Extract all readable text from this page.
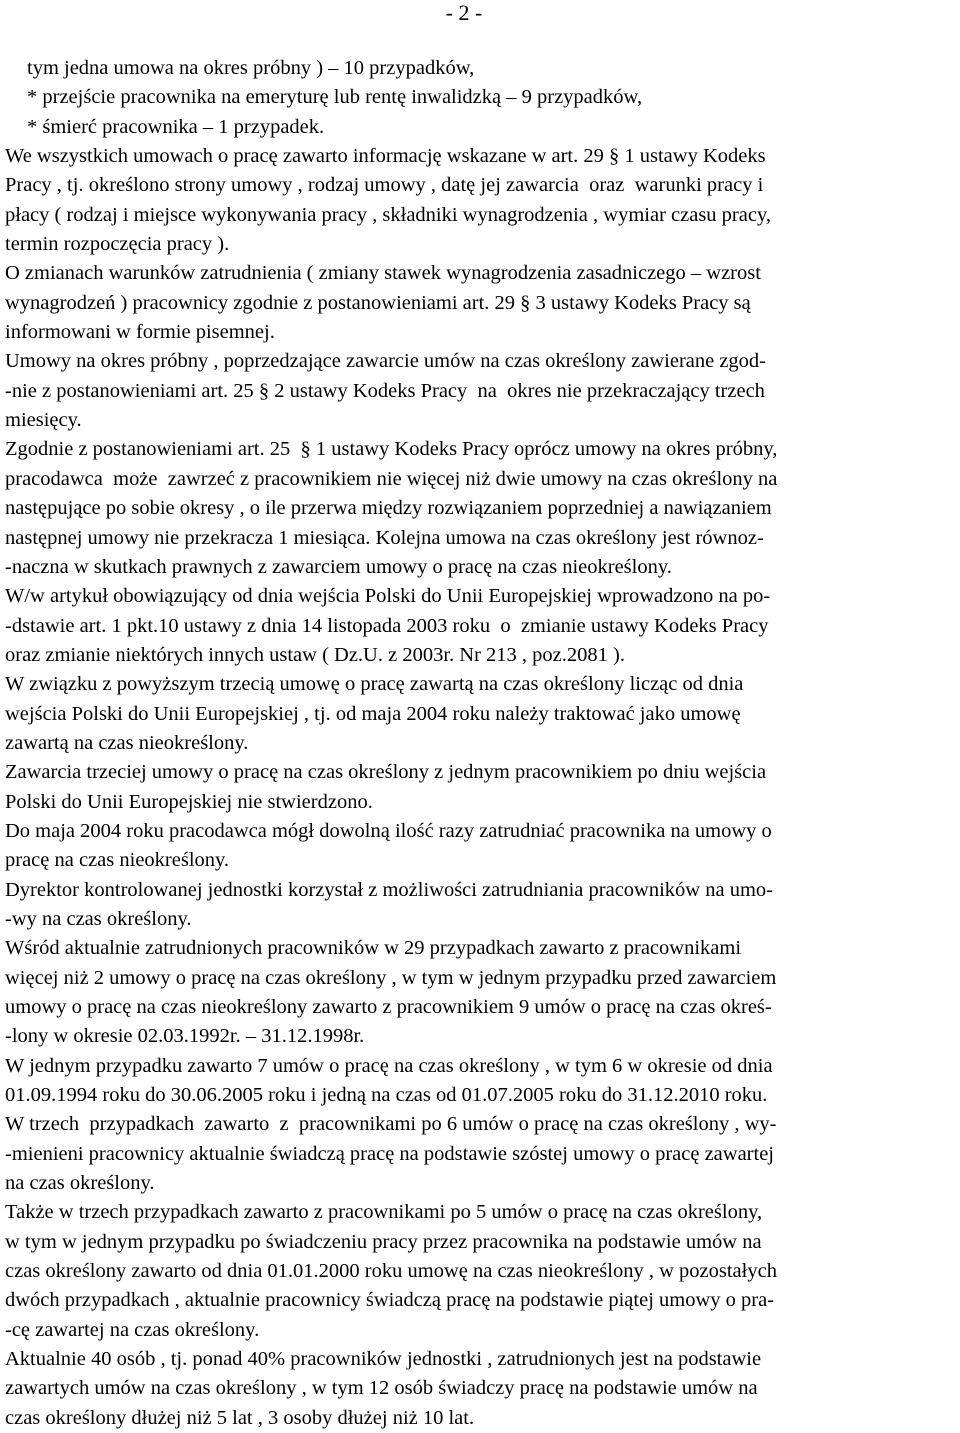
- 2 -
tym jedna umowa na okres próbny ) – 10 przypadków,
* przejście pracownika na emeryturę lub rentę inwalidzką – 9 przypadków,
* śmierć pracownika – 1 przypadek.
We wszystkich umowach o pracę zawarto informację wskazane w art. 29 § 1 ustawy Kodeks
Pracy , tj. określono strony umowy , rodzaj umowy , datę jej zawarcia  oraz  warunki pracy i
płacy ( rodzaj i miejsce wykonywania pracy , składniki wynagrodzenia , wymiar czasu pracy,
termin rozpoczęcia pracy ).
O zmianach warunków zatrudnienia ( zmiany stawek wynagrodzenia zasadniczego – wzrost
wynagrodzeń ) pracownicy zgodnie z postanowieniami art. 29 § 3 ustawy Kodeks Pracy są
informowani w formie pisemnej.
Umowy na okres próbny , poprzedzające zawarcie umów na czas określony zawierane zgod-
-nie z postanowieniami art. 25 § 2 ustawy Kodeks Pracy  na  okres nie przekraczający trzech
miesięcy.
Zgodnie z postanowieniami art. 25  § 1 ustawy Kodeks Pracy oprócz umowy na okres próbny,
pracodawca  może  zawrzeć z pracownikiem nie więcej niż dwie umowy na czas określony na
następujące po sobie okresy , o ile przerwa między rozwiązaniem poprzedniej a nawiązaniem
następnej umowy nie przekracza 1 miesiąca. Kolejna umowa na czas określony jest równoz-
-naczna w skutkach prawnych z zawarciem umowy o pracę na czas nieokreślony.
W/w artykuł obowiązujący od dnia wejścia Polski do Unii Europejskiej wprowadzono na po-
-dstawie art. 1 pkt.10 ustawy z dnia 14 listopada 2003 roku  o  zmianie ustawy Kodeks Pracy
oraz zmianie niektórych innych ustaw ( Dz.U. z 2003r. Nr 213 , poz.2081 ).
W związku z powyższym trzecią umowę o pracę zawartą na czas określony licząc od dnia
wejścia Polski do Unii Europejskiej , tj. od maja 2004 roku należy traktować jako umowę
zawartą na czas nieokreślony.
Zawarcia trzeciej umowy o pracę na czas określony z jednym pracownikiem po dniu wejścia
Polski do Unii Europejskiej nie stwierdzono.
Do maja 2004 roku pracodawca mógł dowolną ilość razy zatrudniać pracownika na umowy o
pracę na czas nieokreślony.
Dyrektor kontrolowanej jednostki korzystał z możliwości zatrudniania pracowników na umo-
-wy na czas określony.
Wśród aktualnie zatrudnionych pracowników w 29 przypadkach zawarto z pracownikami
więcej niż 2 umowy o pracę na czas określony , w tym w jednym przypadku przed zawarciem
umowy o pracę na czas nieokreślony zawarto z pracownikiem 9 umów o pracę na czas okreś-
-lony w okresie 02.03.1992r. – 31.12.1998r.
W jednym przypadku zawarto 7 umów o pracę na czas określony , w tym 6 w okresie od dnia
01.09.1994 roku do 30.06.2005 roku i jedną na czas od 01.07.2005 roku do 31.12.2010 roku.
W trzech  przypadkach  zawarto  z  pracownikami po 6 umów o pracę na czas określony , wy-
-mienieni pracownicy aktualnie świadczą pracę na podstawie szóstej umowy o pracę zawartej
na czas określony.
Także w trzech przypadkach zawarto z pracownikami po 5 umów o pracę na czas określony,
w tym w jednym przypadku po świadczeniu pracy przez pracownika na podstawie umów na
czas określony zawarto od dnia 01.01.2000 roku umowę na czas nieokreślony , w pozostałych
dwóch przypadkach , aktualnie pracownicy świadczą pracę na podstawie piątej umowy o pra-
-cę zawartej na czas określony.
Aktualnie 40 osób , tj. ponad 40% pracowników jednostki , zatrudnionych jest na podstawie
zawartych umów na czas określony , w tym 12 osób świadczy pracę na podstawie umów na
czas określony dłużej niż 5 lat , 3 osoby dłużej niż 10 lat.
